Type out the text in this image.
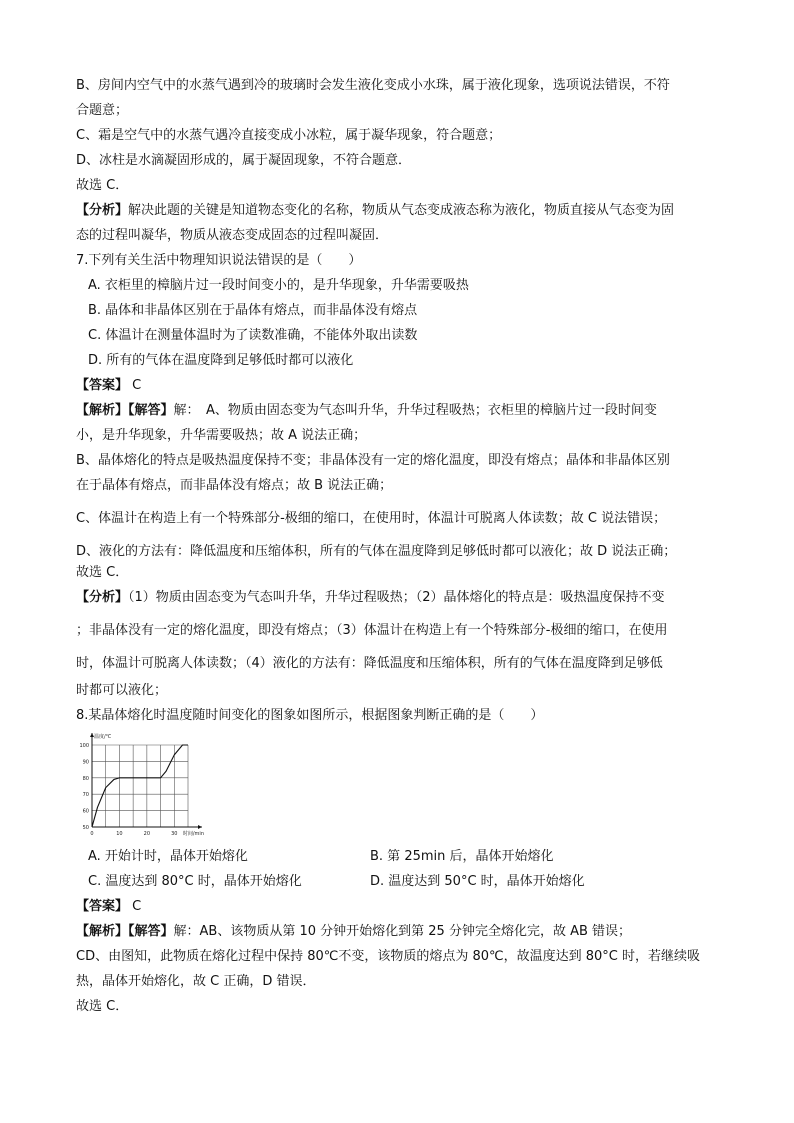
B、房间内空气中的水蒸气遇到冷的玻璃时会发生液化变成小水珠，属于液化现象，选项说法错误，不符
合题意；
C、霜是空气中的水蒸气遇冷直接变成小冰粒，属于凝华现象，符合题意；
D、冰柱是水滴凝固形成的，属于凝固现象，不符合题意．
故选 C．
【分析】解决此题的关键是知道物态变化的名称，物质从气态变成液态称为液化，物质直接从气态变为固
态的过程叫凝华，物质从液态变成固态的过程叫凝固．
7.下列有关生活中物理知识说法错误的是（　　）
A. 衣柜里的樟脑片过一段时间变小的，是升华现象，升华需要吸热
B. 晶体和非晶体区别在于晶体有熔点，而非晶体没有熔点
C. 体温计在测量体温时为了读数准确，不能体外取出读数
D. 所有的气体在温度降到足够低时都可以液化
【答案】 C
【解析】【解答】解：　A、物质由固态变为气态叫升华，升华过程吸热；衣柜里的樟脑片过一段时间变
小，是升华现象，升华需要吸热；故 A 说法正确；
B、晶体熔化的特点是吸热温度保持不变；非晶体没有一定的熔化温度，即没有熔点；晶体和非晶体区别
在于晶体有熔点，而非晶体没有熔点；故 B 说法正确；
C、体温计在构造上有一个特殊部分-极细的缩口，在使用时，体温计可脱离人体读数；故 C 说法错误；
D、液化的方法有：降低温度和压缩体积，所有的气体在温度降到足够低时都可以液化；故 D 说法正确；
故选 C．
【分析】（1）物质由固态变为气态叫升华，升华过程吸热；（2）晶体熔化的特点是：吸热温度保持不变
；非晶体没有一定的熔化温度，即没有熔点；（3）体温计在构造上有一个特殊部分-极细的缩口，在使用
时，体温计可脱离人体读数；（4）液化的方法有：降低温度和压缩体积，所有的气体在温度降到足够低
时都可以液化；
8.某晶体熔化时温度随时间变化的图象如图所示，根据图象判断正确的是（　　）
50
60
70
80
90
100
0	10	20	30
温度/℃
时间/min
A. 开始计时，晶体开始熔化	B. 第 25min 后，晶体开始熔化
C. 温度达到 80°C 时，晶体开始熔化	D. 温度达到 50°C 时，晶体开始熔化
【答案】 C
【解析】【解答】解：AB、该物质从第 10 分钟开始熔化到第 25 分钟完全熔化完，故 AB 错误；
CD、由图知，此物质在熔化过程中保持 80℃不变，该物质的熔点为 80℃，故温度达到 80°C 时，若继续吸
热，晶体开始熔化，故 C 正确，D 错误．
故选 C．
